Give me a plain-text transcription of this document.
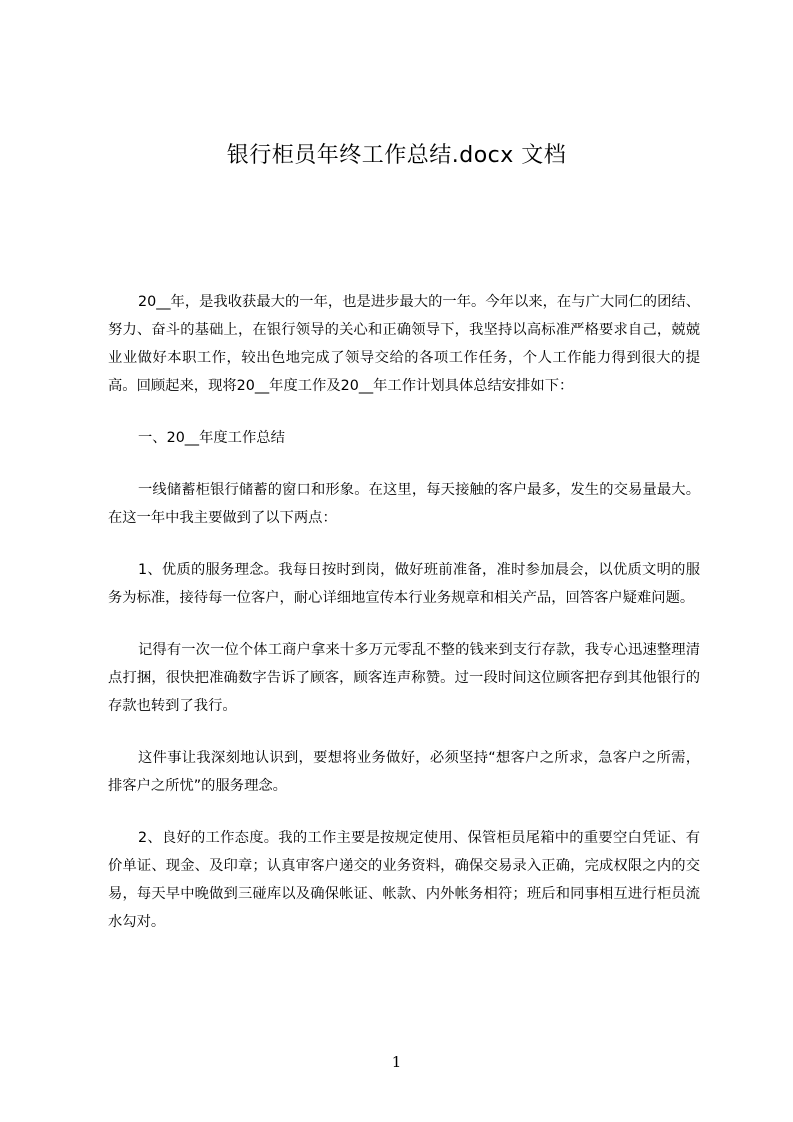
银行柜员年终工作总结.docx 文档

20__年，是我收获最大的一年，也是进步最大的一年。今年以来，在与广大同仁的团结、努力、奋斗的基础上，在银行领导的关心和正确领导下，我坚持以高标准严格要求自己，兢兢业业做好本职工作，较出色地完成了领导交给的各项工作任务，个人工作能力得到很大的提高。回顾起来，现将20__年度工作及20__年工作计划具体总结安排如下：

一、20__年度工作总结

一线储蓄柜银行储蓄的窗口和形象。在这里，每天接触的客户最多，发生的交易量最大。在这一年中我主要做到了以下两点：

1、优质的服务理念。我每日按时到岗，做好班前准备，准时参加晨会，以优质文明的服务为标准，接待每一位客户，耐心详细地宣传本行业务规章和相关产品，回答客户疑难问题。

记得有一次一位个体工商户拿来十多万元零乱不整的钱来到支行存款，我专心迅速整理清点打捆，很快把准确数字告诉了顾客，顾客连声称赞。过一段时间这位顾客把存到其他银行的存款也转到了我行。

这件事让我深刻地认识到，要想将业务做好，必须坚持“想客户之所求，急客户之所需，排客户之所忧”的服务理念。

2、良好的工作态度。我的工作主要是按规定使用、保管柜员尾箱中的重要空白凭证、有价单证、现金、及印章；认真审客户递交的业务资料，确保交易录入正确，完成权限之内的交易，每天早中晚做到三碰库以及确保帐证、帐款、内外帐务相符；班后和同事相互进行柜员流水勾对。

1
